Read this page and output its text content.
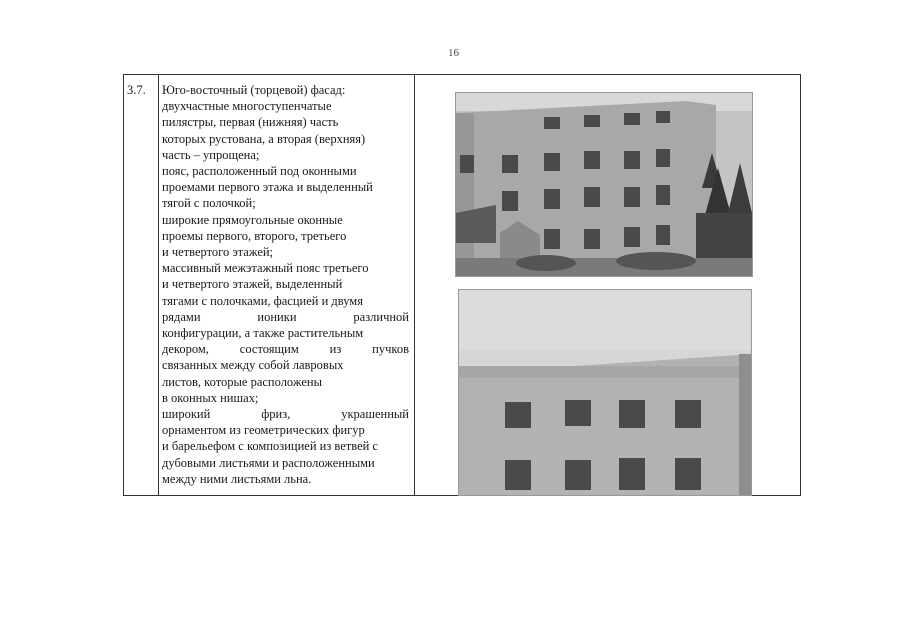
16
3.7. Юго-восточный (торцевой) фасад:
двухчастные многоступенчатые
пилястры, первая (нижняя) часть
которых рустована, а вторая (верхняя)
часть – упрощена;
пояс, расположенный под оконными
проемами первого этажа и выделенный
тягой с полочкой;
широкие прямоугольные оконные
проемы первого, второго, третьего
и четвертого этажей;
массивный межэтажный пояс третьего
и четвертого этажей, выделенный
тягами с полочками, фасцией и двумя
рядами ионики различной
конфигурации, а также растительным
декором, состоящим из пучков
связанных между собой лавровых
листов, которые расположены
в оконных нишах;
широкий фриз, украшенный
орнаментом из геометрических фигур
и барельефом с композицией из ветвей с
дубовыми листьями и расположенными
между ними листьями льна.
